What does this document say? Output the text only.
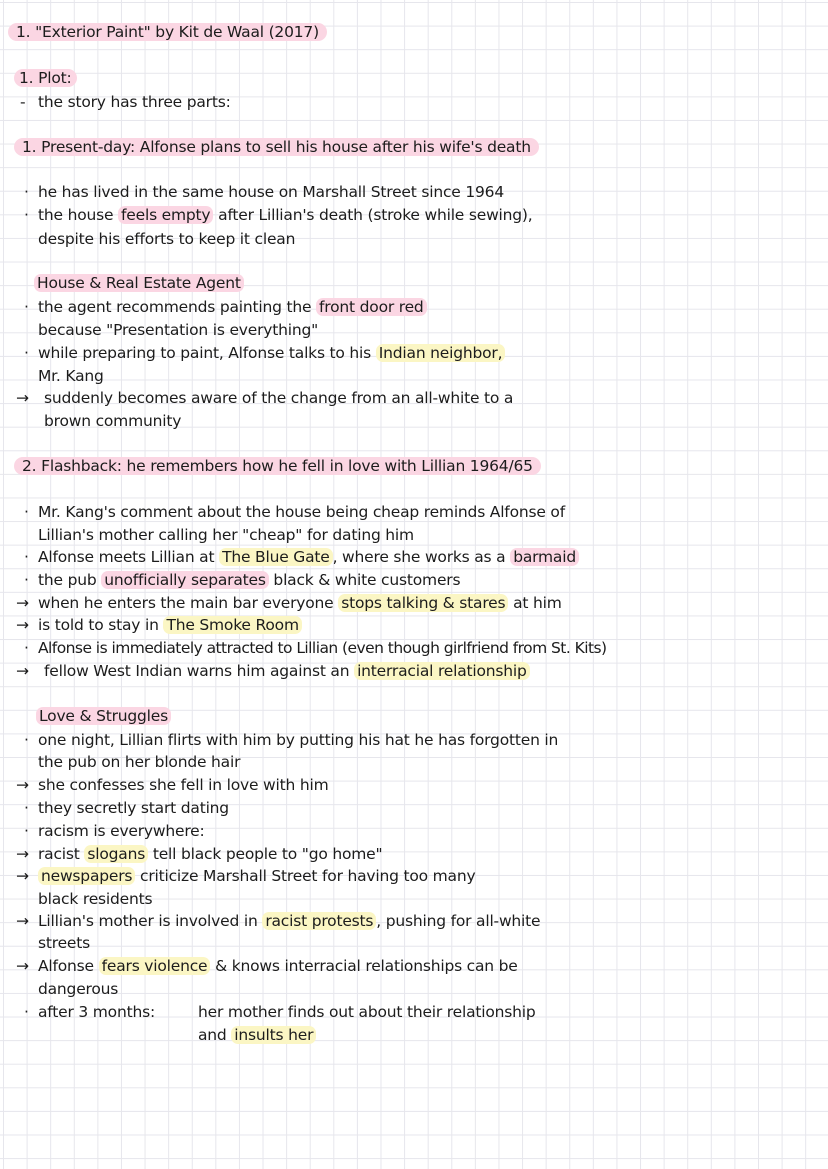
1. "Exterior Paint" by Kit de Waal (2017)
1. Plot:
- the story has three parts:
1. Present-day: Alfonse plans to sell his house after his wife's death
· he has lived in the same house on Marshall Street since 1964
· the house feels empty after Lillian's death (stroke while sewing),
despite his efforts to keep it clean
House & Real Estate Agent
· the agent recommends painting the front door red
because "Presentation is everything"
· while preparing to paint, Alfonse talks to his Indian neighbor,
Mr. Kang
→ suddenly becomes aware of the change from an all-white to a
brown community
2. Flashback: he remembers how he fell in love with Lillian 1964/65
· Mr. Kang's comment about the house being cheap reminds Alfonse of
Lillian's mother calling her "cheap" for dating him
· Alfonse meets Lillian at The Blue Gate , where she works as a barmaid
· the pub unofficially separates black & white customers
→ when he enters the main bar everyone stops talking & stares at him
→ is told to stay in The Smoke Room
· Alfonse is immediately attracted to Lillian (even though girlfriend from St. Kits)
→ fellow West Indian warns him against an interracial relationship
Love & Struggles
· one night, Lillian flirts with him by putting his hat he has forgotten in
the pub on her blonde hair
→ she confesses she fell in love with him
· they secretly start dating
· racism is everywhere:
→ racist slogans tell black people to "go home"
→ newspapers criticize Marshall Street for having too many
black residents
→ Lillian's mother is involved in racist protests , pushing for all-white
streets
→ Alfonse fears violence & knows interracial relationships can be
dangerous
· after 3 months:	her mother finds out about their relationship
and insults her
